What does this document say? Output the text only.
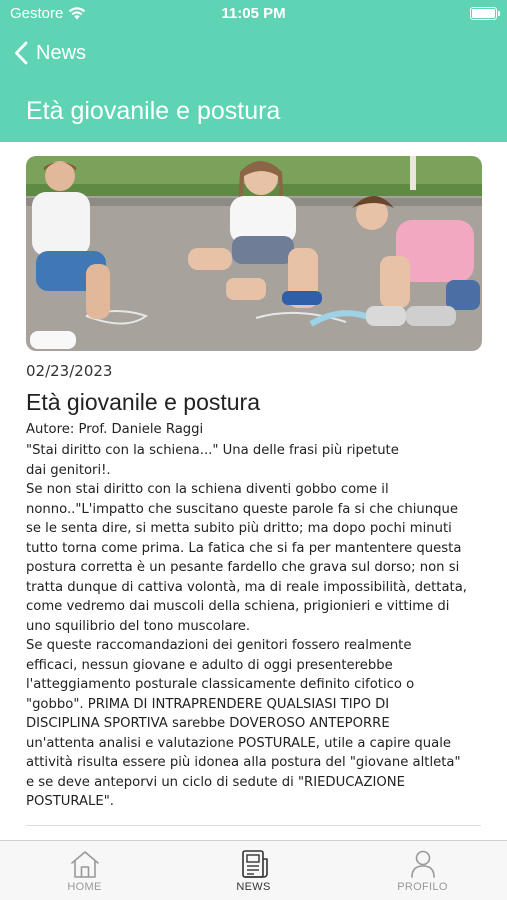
Gestore	11:05 PM
News
Età giovanile e postura
02/23/2023
Età giovanile e postura
Autore: Prof. Daniele Raggi
"Stai diritto con la schiena..." Una delle frasi più ripetute
dai genitori!.
Se non stai diritto con la schiena diventi gobbo come il
nonno.."L'impatto che suscitano queste parole fa si che chiunque
se le senta dire, si metta subito più dritto; ma dopo pochi minuti
tutto torna come prima. La fatica che si fa per mantentere questa
postura corretta è un pesante fardello che grava sul dorso; non si
tratta dunque di cattiva volontà, ma di reale impossibilità, dettata,
come vedremo dai muscoli della schiena, prigionieri e vittime di
uno squilibrio del tono muscolare.
Se queste raccomandazioni dei genitori fossero realmente
efficaci, nessun giovane e adulto di oggi presenterebbe
l'atteggiamento posturale classicamente definito cifotico o
"gobbo". PRIMA DI INTRAPRENDERE QUALSIASI TIPO DI
DISCIPLINA SPORTIVA sarebbe DOVEROSO ANTEPORRE
un'attenta analisi e valutazione POSTURALE, utile a capire quale
attività risulta essere più idonea alla postura del "giovane altleta"
e se deve anteporvi un ciclo di sedute di "RIEDUCAZIONE
POSTURALE".
HOME	NEWS	PROFILO
